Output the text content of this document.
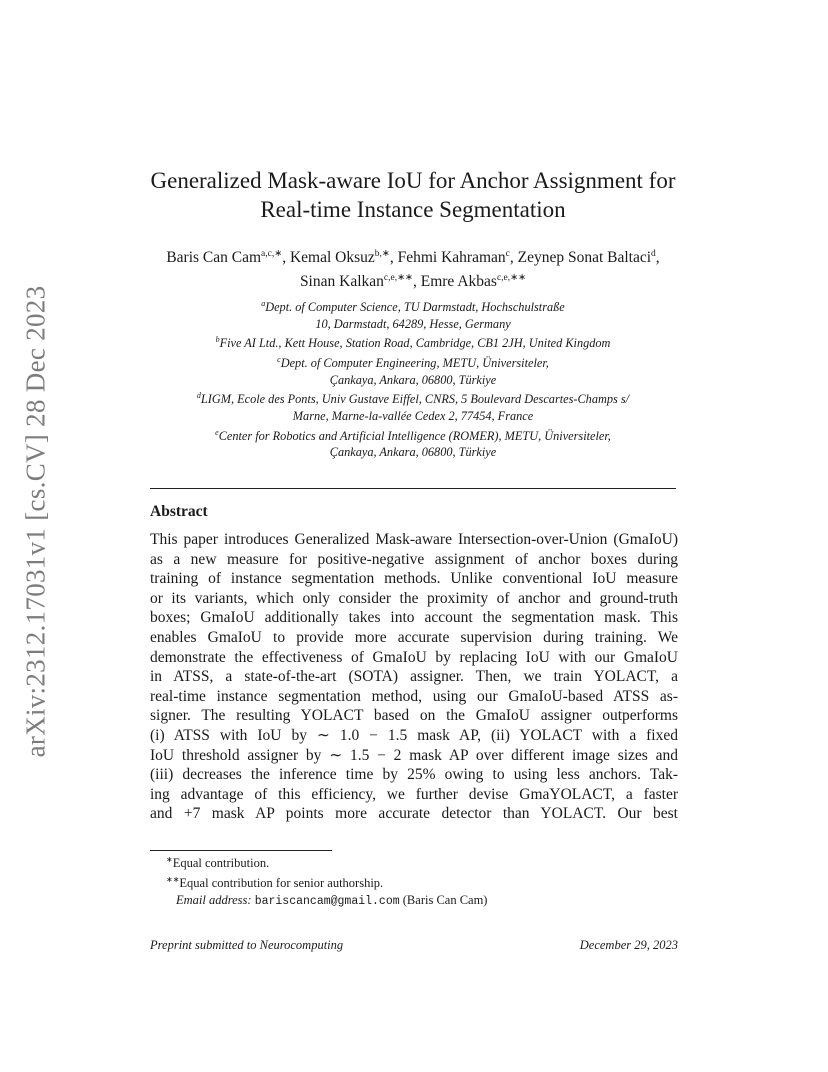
arXiv:2312.17031v1 [cs.CV] 28 Dec 2023
Generalized Mask-aware IoU for Anchor Assignment for
Real-time Instance Segmentation
Baris Can Cam$^{a,c,∗}$, Kemal Oksuz$^{b,∗}$, Fehmi Kahraman$^c$, Zeynep Sonat Baltaci$^d$, Sinan Kalkan$^{c,e,∗∗}$, Emre Akbas$^{c,e,∗∗}$
$^a$Dept. of Computer Science, TU Darmstadt, Hochschulstraße
10, Darmstadt, 64289, Hesse, Germany
$^b$Five AI Ltd., Kett House, Station Road, Cambridge, CB1 2JH, United Kingdom
$^c$Dept. of Computer Engineering, METU, Üniversiteler,
Çankaya, Ankara, 06800, Türkiye
$^d$LIGM, Ecole des Ponts, Univ Gustave Eiffel, CNRS, 5 Boulevard Descartes-Champs s/
Marne, Marne-la-vallée Cedex 2, 77454, France
$^e$Center for Robotics and Artificial Intelligence (ROMER), METU, Üniversiteler,
Çankaya, Ankara, 06800, Türkiye
Abstract
This paper introduces Generalized Mask-aware Intersection-over-Union (GmaIoU)
as a new measure for positive-negative assignment of anchor boxes during
training of instance segmentation methods. Unlike conventional IoU measure
or its variants, which only consider the proximity of anchor and ground-truth
boxes; GmaIoU additionally takes into account the segmentation mask. This
enables GmaIoU to provide more accurate supervision during training. We
demonstrate the effectiveness of GmaIoU by replacing IoU with our GmaIoU
in ATSS, a state-of-the-art (SOTA) assigner. Then, we train YOLACT, a
real-time instance segmentation method, using our GmaIoU-based ATSS as-
signer. The resulting YOLACT based on the GmaIoU assigner outperforms
(i) ATSS with IoU by ∼ 1.0 − 1.5 mask AP, (ii) YOLACT with a fixed
IoU threshold assigner by ∼ 1.5 − 2 mask AP over different image sizes and
(iii) decreases the inference time by 25% owing to using less anchors. Tak-
ing advantage of this efficiency, we further devise GmaYOLACT, a faster
and +7 mask AP points more accurate detector than YOLACT. Our best
∗Equal contribution.
∗∗Equal contribution for senior authorship.
Email address: bariscancam@gmail.com (Baris Can Cam)
Preprint submitted to Neurocomputing	December 29, 2023
